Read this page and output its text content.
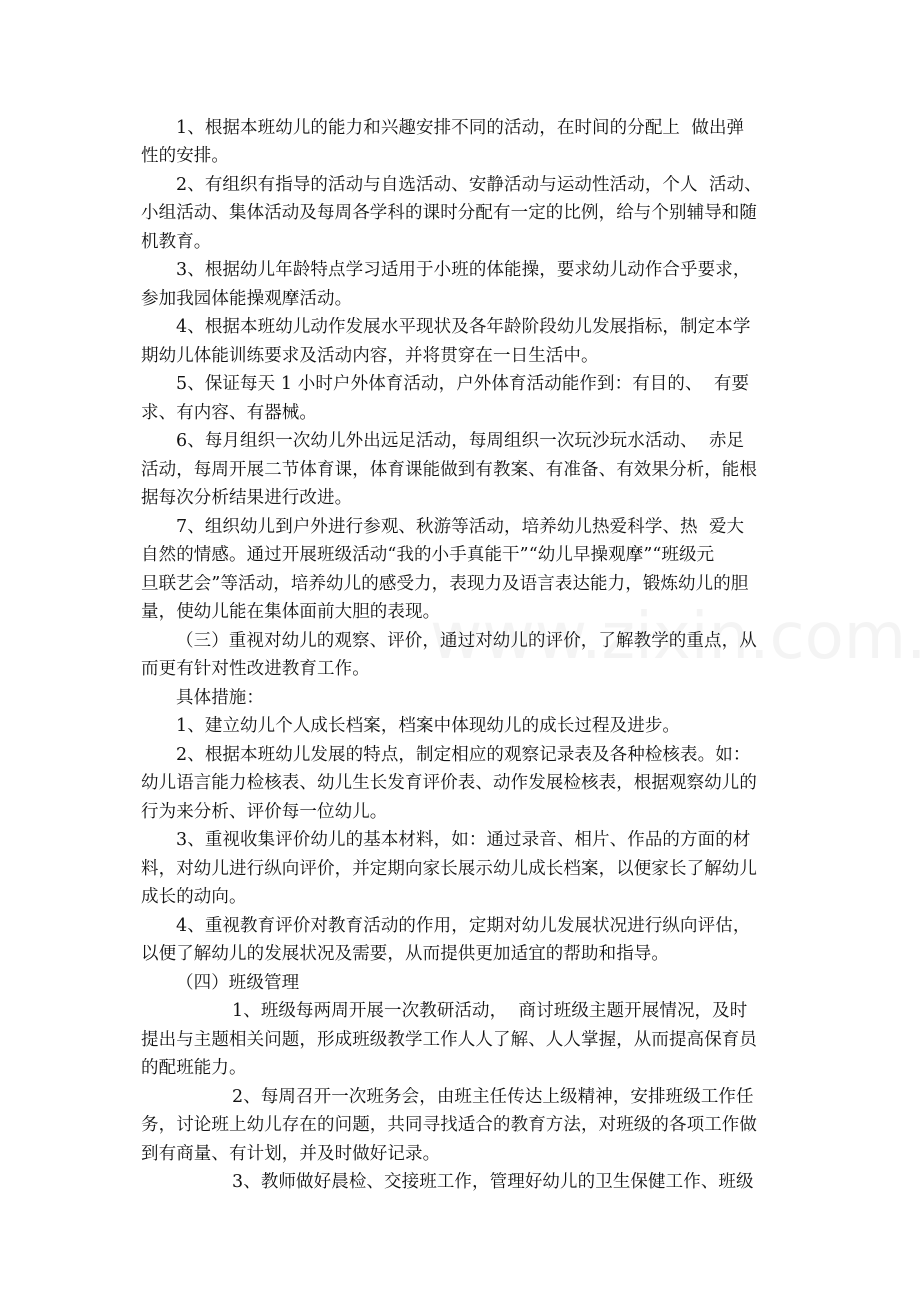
1、根据本班幼儿的能力和兴趣安排不同的活动，在时间的分配上  做出弹
性的安排。
2、有组织有指导的活动与自选活动、安静活动与运动性活动，个人  活动、
小组活动、集体活动及每周各学科的课时分配有一定的比例，给与个别辅导和随
机教育。
3、根据幼儿年龄特点学习适用于小班的体能操，要求幼儿动作合乎要求，
参加我园体能操观摩活动。
4、根据本班幼儿动作发展水平现状及各年龄阶段幼儿发展指标，制定本学
期幼儿体能训练要求及活动内容，并将贯穿在一日生活中。
5、保证每天 1 小时户外体育活动，户外体育活动能作到：有目的、  有要
求、有内容、有器械。
6、每月组织一次幼儿外出远足活动，每周组织一次玩沙玩水活动、  赤足
活动，每周开展二节体育课，体育课能做到有教案、有准备、有效果分析，能根
据每次分析结果进行改进。
7、组织幼儿到户外进行参观、秋游等活动，培养幼儿热爱科学、热  爱大
自然的情感。通过开展班级活动“我的小手真能干”“幼儿早操观摩”“班级元
旦联艺会”等活动，培养幼儿的感受力，表现力及语言表达能力，锻炼幼儿的胆
量，使幼儿能在集体面前大胆的表现。
（三）重视对幼儿的观察、评价，通过对幼儿的评价，了解教学的重点，从
而更有针对性改进教育工作。
具体措施：
1、建立幼儿个人成长档案，档案中体现幼儿的成长过程及进步。
2、根据本班幼儿发展的特点，制定相应的观察记录表及各种检核表。如：
幼儿语言能力检核表、幼儿生长发育评价表、动作发展检核表，根据观察幼儿的
行为来分析、评价每一位幼儿。
3、重视收集评价幼儿的基本材料，如：通过录音、相片、作品的方面的材
料，对幼儿进行纵向评价，并定期向家长展示幼儿成长档案，以便家长了解幼儿
成长的动向。
4、重视教育评价对教育活动的作用，定期对幼儿发展状况进行纵向评估，
以便了解幼儿的发展状况及需要，从而提供更加适宜的帮助和指导。
（四）班级管理
1、班级每两周开展一次教研活动，  商讨班级主题开展情况，及时
提出与主题相关问题，形成班级教学工作人人了解、人人掌握，从而提高保育员
的配班能力。
2、每周召开一次班务会，由班主任传达上级精神，安排班级工作任
务，讨论班上幼儿存在的问题，共同寻找适合的教育方法，对班级的各项工作做
到有商量、有计划，并及时做好记录。
3、教师做好晨检、交接班工作，管理好幼儿的卫生保健工作、班级
